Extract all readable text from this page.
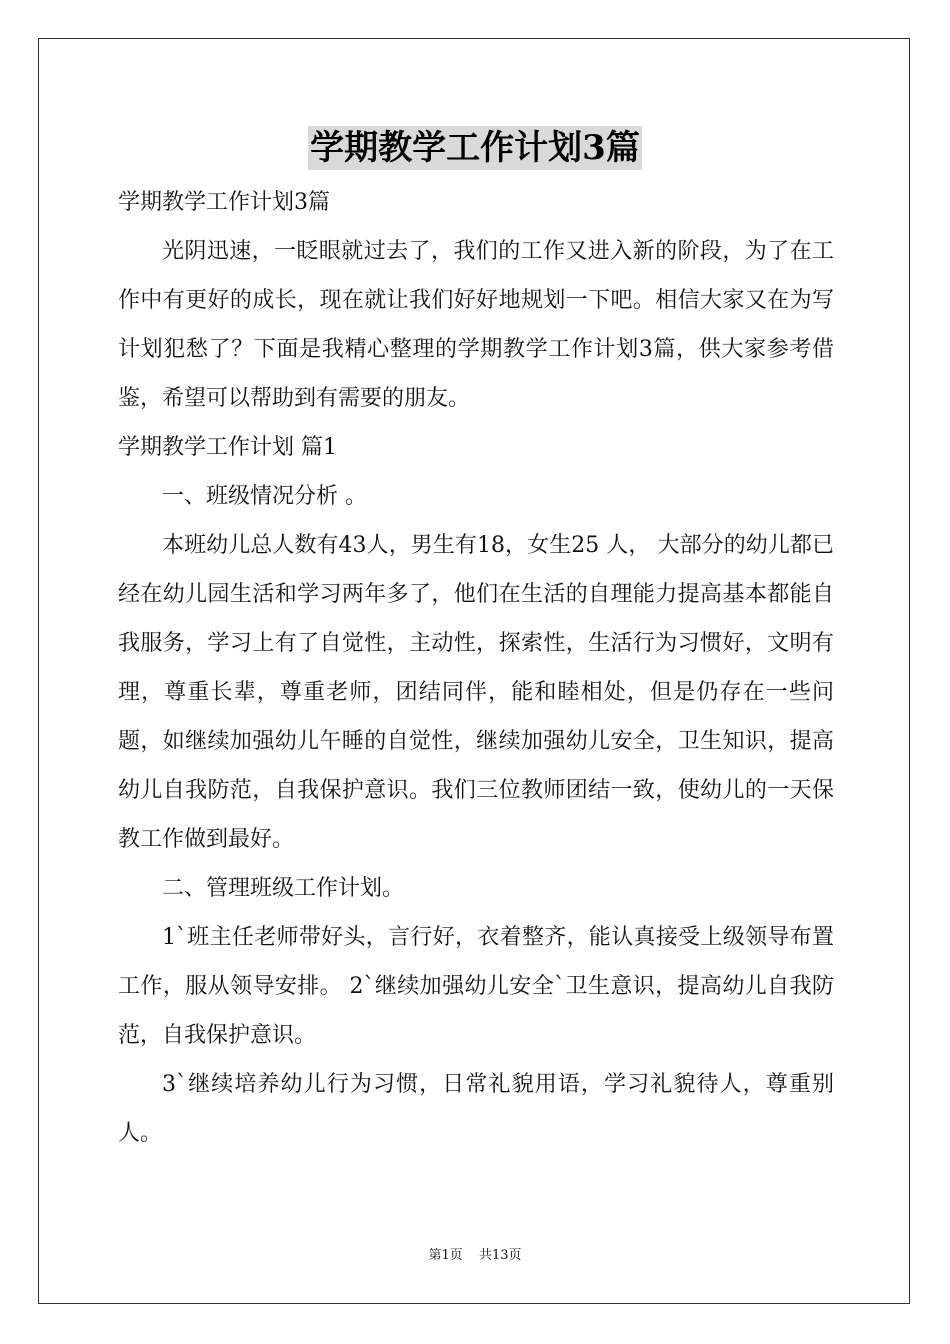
学期教学工作计划3篇

学期教学工作计划3篇

光阴迅速，一眨眼就过去了，我们的工作又进入新的阶段，为了在工作中有更好的成长，现在就让我们好好地规划一下吧。相信大家又在为写计划犯愁了？下面是我精心整理的学期教学工作计划3篇，供大家参考借鉴，希望可以帮助到有需要的朋友。

学期教学工作计划 篇1

一、班级情况分析 。

本班幼儿总人数有43人，男生有18，女生25 人， 大部分的幼儿都已经在幼儿园生活和学习两年多了，他们在生活的自理能力提高基本都能自我服务，学习上有了自觉性，主动性，探索性，生活行为习惯好，文明有理，尊重长辈，尊重老师，团结同伴，能和睦相处，但是仍存在一些问题，如继续加强幼儿午睡的自觉性，继续加强幼儿安全，卫生知识，提高幼儿自我防范，自我保护意识。我们三位教师团结一致，使幼儿的一天保教工作做到最好。

二、管理班级工作计划。

1`班主任老师带好头，言行好，衣着整齐，能认真接受上级领导布置工作，服从领导安排。 2`继续加强幼儿安全`卫生意识，提高幼儿自我防范，自我保护意识。

3`继续培养幼儿行为习惯，日常礼貌用语，学习礼貌待人，尊重别人。

第1页 共13页
